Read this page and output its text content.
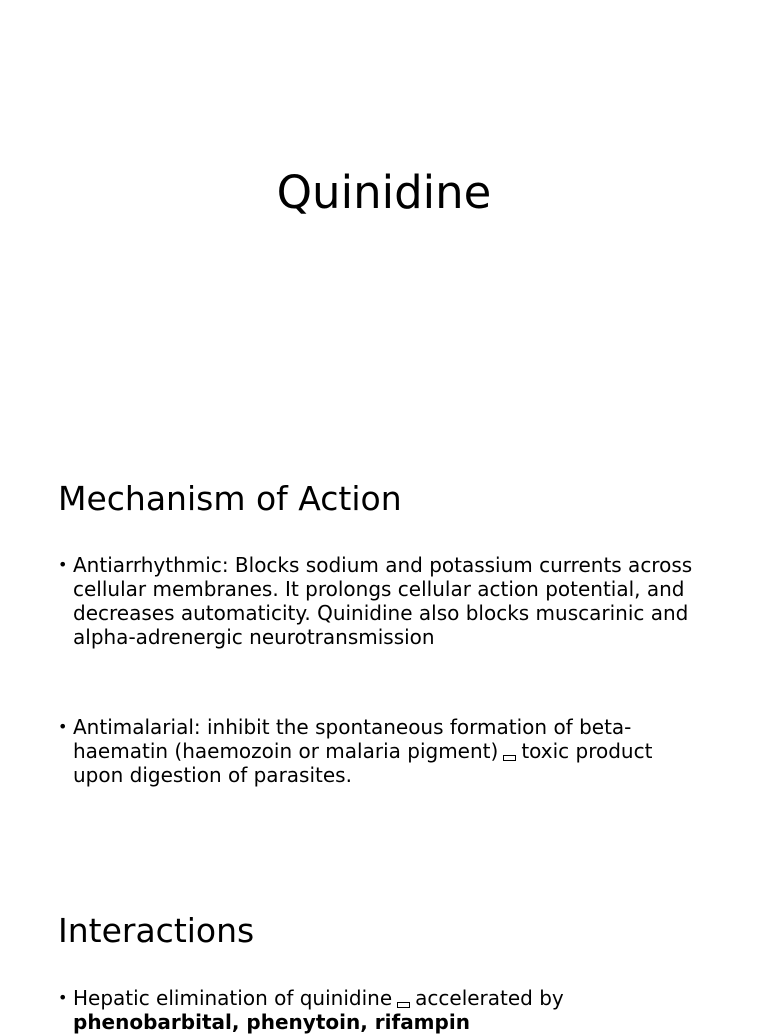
Quinidine
Mechanism of Action
• Antiarrhythmic: Blocks sodium and potassium currents across cellular membranes. It prolongs cellular action potential, and decreases automaticity. Quinidine also blocks muscarinic and alpha-adrenergic neurotransmission
• Antimalarial: inhibit the spontaneous formation of beta-haematin (haemozoin or malaria pigment) toxic product upon digestion of parasites.
Interactions
• Hepatic elimination of quinidine accelerated by
phenobarbital, phenytoin, rifampin
